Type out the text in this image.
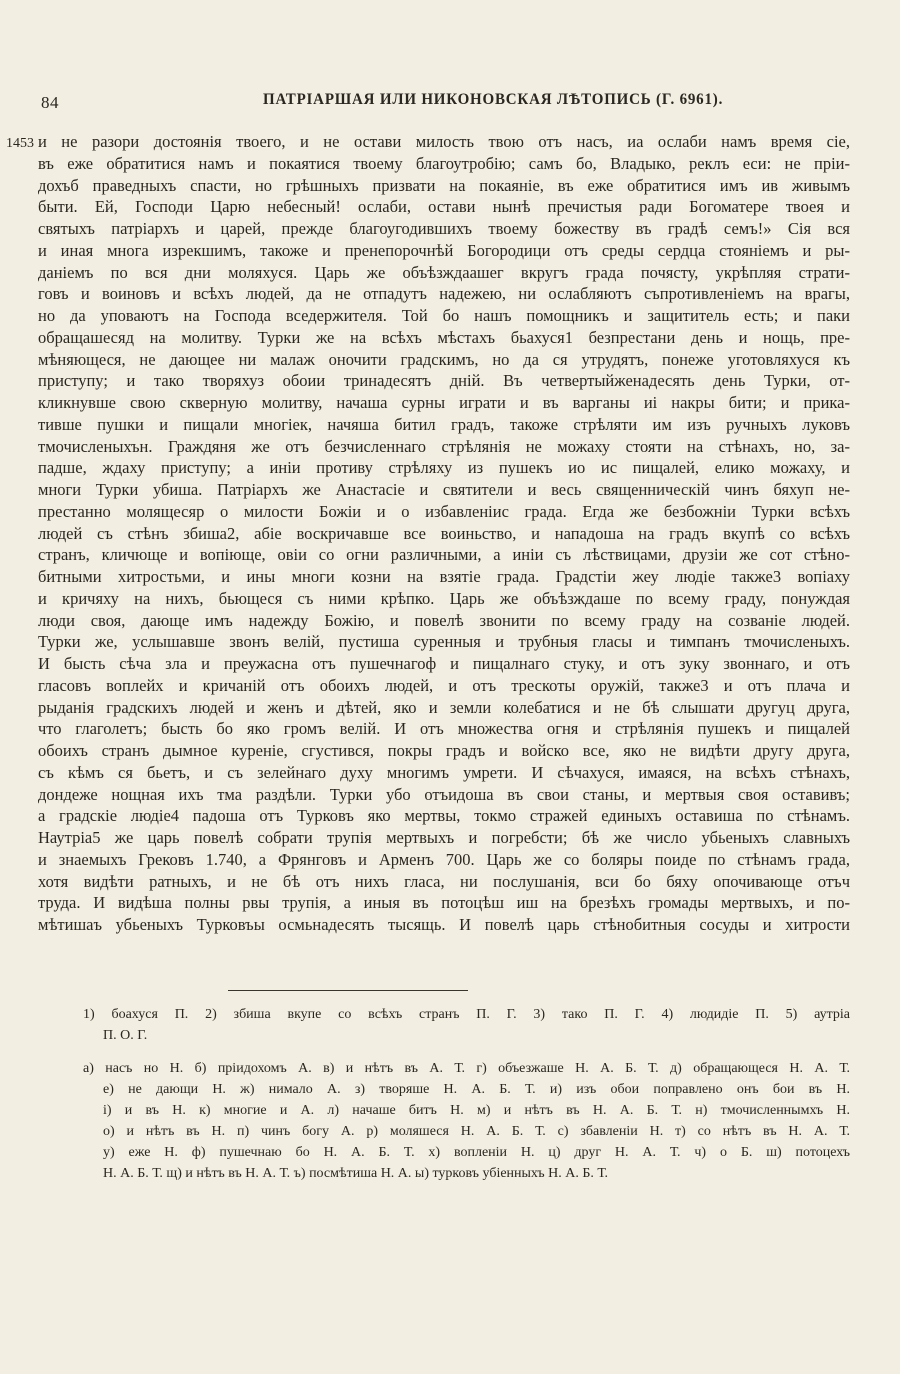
84	ПАТРІАРШАЯ ИЛИ НИКОНОВСКАЯ ЛѢТОПИСЬ (Г. 6961).
1453 и не разори достоянія твоего, и не остави милость твою отъ насъ, иа ослаби намъ время сіе,
въ еже обратитися намъ и покаятися твоему благоутробію; самъ бо, Владыко, реклъ еси: не пріи-
дохъб праведныхъ спасти, но грѣшныхъ призвати на покаяніе, въ еже обратитися имъ ив живымъ
быти. Ей, Господи Царю небесный! ослаби, остави нынѣ пречистыя ради Богоматере твоея и
святыхъ патріархъ и царей, прежде благоугодившихъ твоему божеству въ градѣ семъ!» Сія вся
и иная многа изрекшимъ, такоже и пренепорочнѣй Богородици отъ среды сердца стояніемъ и ры-
даніемъ по вся дни моляхуся. Царь же объѣзждаашег вкругъ града почясту, укрѣпляя страти-
говъ и воиновъ и всѣхъ людей, да не отпадутъ надежею, ни ослабляютъ съпротивленіемъ на врагы,
но да уповаютъ на Господа вседержителя. Той бо нашъ помощникъ и защититель есть; и паки
обращашесяд на молитву. Турки же на всѣхъ мѣстахъ бьахуся1 безпрестани день и нощь, пре-
мѣняющеся, не дающее ни малаж оночити градскимъ, но да ся утрудятъ, понеже уготовляхуся къ
приступу; и тако творяхуз обоии тринадесятъ дній. Въ четвертыйженадесять день Турки, от-
кликнувше свою скверную молитву, начаша сурны играти и въ варганы иi накры бити; и прика-
тивше пушки и пищали многіек, начяша битил градъ, такоже стрѣляти им изъ ручныхъ луковъ
тмочисленыхън. Граждяня же отъ безчисленнаго стрѣлянія не можаху стояти на стѣнахъ, но, за-
падше, ждаху приступу; а иніи противу стрѣляху из пушекъ ио ис пищалей, елико можаху, и
многи Турки убиша. Патріархъ же Анастасіе и святители и весь священническій чинъ бяхуп не-
престанно молящесяр о милости Божіи и о избавленіис града. Егда же безбожніи Турки всѣхъ
людей съ стѣнъ збиша2, абіе воскричавше все воиньство, и нападоша на градъ вкупѣ со всѣхъ
странъ, кличюще и вопіюще, овіи со огни различными, а иніи съ лѣствицами, друзіи же сот стѣно-
битными хитростьми, и ины многи козни на взятіе града. Градстіи жеу людіе также3 вопіаху
и кричяху на нихъ, бьющеся съ ними крѣпко. Царь же объѣзждаше по всему граду, понуждая
люди своя, дающе имъ надежду Божію, и повелѣ звонити по всему граду на созваніе людей.
Турки же, услышавше звонъ велій, пустиша суренныя и трубныя гласы и тимпанъ тмочисленыхъ.
И бысть сѣча зла и преужасна отъ пушечнагоф и пищалнаго стуку, и отъ зуку звоннаго, и отъ
гласовъ воплейх и кричаній отъ обоихъ людей, и отъ трескоты оружій, также3 и отъ плача и
рыданія градскихъ людей и женъ и дѣтей, яко и земли колебатися и не бѣ слышати другуц друга,
что глаголетъ; бысть бо яко громъ велій. И отъ множества огня и стрѣлянія пушекъ и пищалей
обоихъ странъ дымное куреніе, сгустився, покры градъ и войско все, яко не видѣти другу друга,
съ кѣмъ ся бьетъ, и съ зелейнаго духу многимъ умрети. И сѣчахуся, имаяся, на всѣхъ стѣнахъ,
дондеже нощная ихъ тма раздѣли. Турки убо отъидоша въ свои станы, и мертвыя своя оставивъ;
а градскіе людіе4 падоша отъ Турковъ яко мертвы, токмо стражей единыхъ оставиша по стѣнамъ.
Наутріа5 же царь повелѣ собрати трупія мертвыхъ и погребсти; бѣ же число убьеныхъ славныхъ
и знаемыхъ Грековъ 1.740, а Фрянговъ и Арменъ 700. Царь же со боляры поиде по стѣнамъ града,
хотя видѣти ратныхъ, и не бѣ отъ нихъ гласа, ни послушанія, вси бо бяху опочивающе отъч
труда. И видѣша полны рвы трупія, а иныя въ потоцѣш иш на брезѣхъ громады мертвыхъ, и по-
мѣтишаъ убьеныхъ Турковъы осмьнадесять тысящь. И повелѣ царь стѣнобитныя сосуды и хитрости
1) боахуся П. 2) збиша вкупе со всѣхъ странъ П. Г. 3) тако П. Г. 4) людидіе П. 5) аутріа
П. О. Г.
а) насъ но Н. б) пріидохомъ А. в) и нѣтъ въ А. Т. г) объезжаше Н. А. Б. Т. д) обращающеся Н. А. Т.
е) не дающи Н. ж) нимало А. з) творяше Н. А. Б. Т. и) изъ обои поправлено онъ бои въ Н.
і) и въ Н. к) многие и А. л) начаше битъ Н. м) и нѣтъ въ Н. А. Б. Т. н) тмочисленнымхъ Н.
о) и нѣтъ въ Н. п) чинъ богу А. р) моляшеся Н. А. Б. Т. с) збавленіи Н. т) со нѣтъ въ Н. А. Т.
у) еже Н. ф) пушечнаю бо Н. А. Б. Т. х) вопленіи Н. ц) друг Н. А. Т. ч) о Б. ш) потоцехъ
Н. А. Б. Т. щ) и нѣтъ въ Н. А. Т. ъ) посмѣтиша Н. А. ы) турковъ убіенныхъ Н. А. Б. Т.
